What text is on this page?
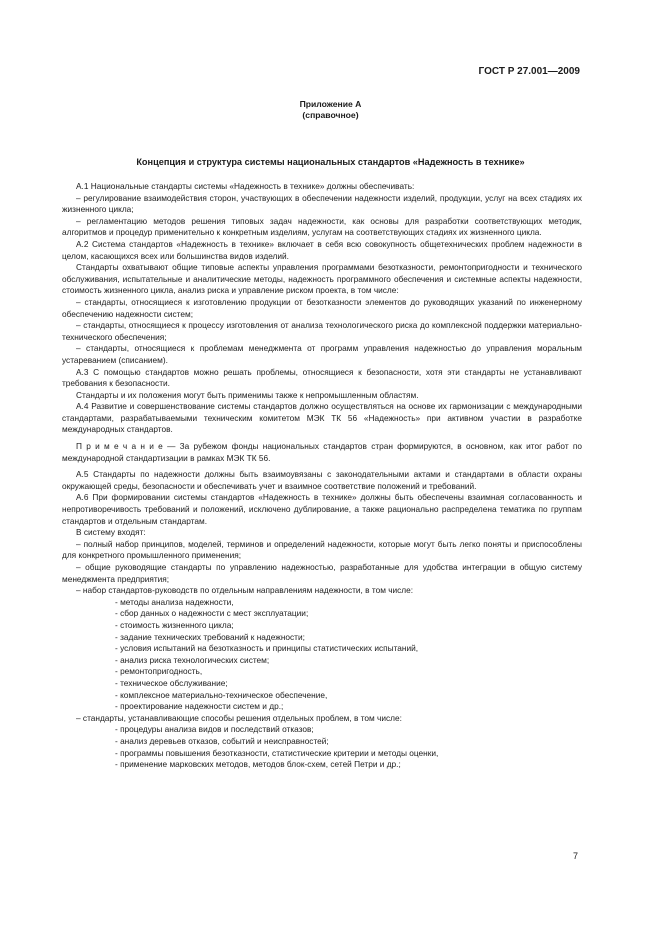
ГОСТ Р 27.001—2009
Приложение А
(справочное)
Концепция и структура системы национальных стандартов «Надежность в технике»

А.1 Национальные стандарты системы «Надежность в технике» должны обеспечивать:

– регулирование взаимодействия сторон, участвующих в обеспечении надежности изделий, продукции, услуг на всех стадиях их жизненного цикла;

– регламентацию методов решения типовых задач надежности, как основы для разработки соответствующих методик, алгоритмов и процедур применительно к конкретным изделиям, услугам на соответствующих стадиях их жизненного цикла.

А.2 Система стандартов «Надежность в технике» включает в себя всю совокупность общетехнических проблем надежности в целом, касающихся всех или большинства видов изделий.

Стандарты охватывают общие типовые аспекты управления программами безотказности, ремонтопригодности и технического обслуживания, испытательные и аналитические методы, надежность программного обеспечения и системные аспекты надежности, стоимость жизненного цикла, анализ риска и управление риском проекта, в том числе:

– стандарты, относящиеся к изготовлению продукции от безотказности элементов до руководящих указаний по инженерному обеспечению надежности систем;

– стандарты, относящиеся к процессу изготовления от анализа технологического риска до комплексной поддержки материально-технического обеспечения;

– стандарты, относящиеся к проблемам менеджмента от программ управления надежностью до управления моральным устареванием (списанием).

А.3 С помощью стандартов можно решать проблемы, относящиеся к безопасности, хотя эти стандарты не устанавливают требования к безопасности.

Стандарты и их положения могут быть применимы также к непромышленным областям.

А.4 Развитие и совершенствование системы стандартов должно осуществляться на основе их гармонизации с международными стандартами, разрабатываемыми техническим комитетом МЭК ТК 56 «Надежность» при активном участии в разработке международных стандартов.

П р и м е ч а н и е — За рубежом фонды национальных стандартов стран формируются, в основном, как итог работ по международной стандартизации в рамках МЭК ТК 56.

А.5 Стандарты по надежности должны быть взаимоувязаны с законодательными актами и стандартами в области охраны окружающей среды, безопасности и обеспечивать учет и взаимное соответствие положений и требований.

А.6 При формировании системы стандартов «Надежность в технике» должны быть обеспечены взаимная согласованность и непротиворечивость требований и положений, исключено дублирование, а также рационально распределена тематика по группам стандартов и отдельным стандартам.

В систему входят:

– полный набор принципов, моделей, терминов и определений надежности, которые могут быть легко поняты и приспособлены для конкретного промышленного применения;

– общие руководящие стандарты по управлению надежностью, разработанные для удобства интеграции в общую систему менеджмента предприятия;

– набор стандартов-руководств по отдельным направлениям надежности, в том числе:

- методы анализа надежности,
- сбор данных о надежности с мест эксплуатации;
- стоимость жизненного цикла;
- задание технических требований к надежности;
- условия испытаний на безотказность и принципы статистических испытаний,
- анализ риска технологических систем;
- ремонтопригодность,
- техническое обслуживание;
- комплексное материально-техническое обеспечение,
- проектирование надежности систем и др.;

– стандарты, устанавливающие способы решения отдельных проблем, в том числе:

- процедуры анализа видов и последствий отказов;
- анализ деревьев отказов, событий и неисправностей;
- программы повышения безотказности, статистические критерии и методы оценки,
- применение марковских методов, методов блок-схем, сетей Петри и др.;
7
